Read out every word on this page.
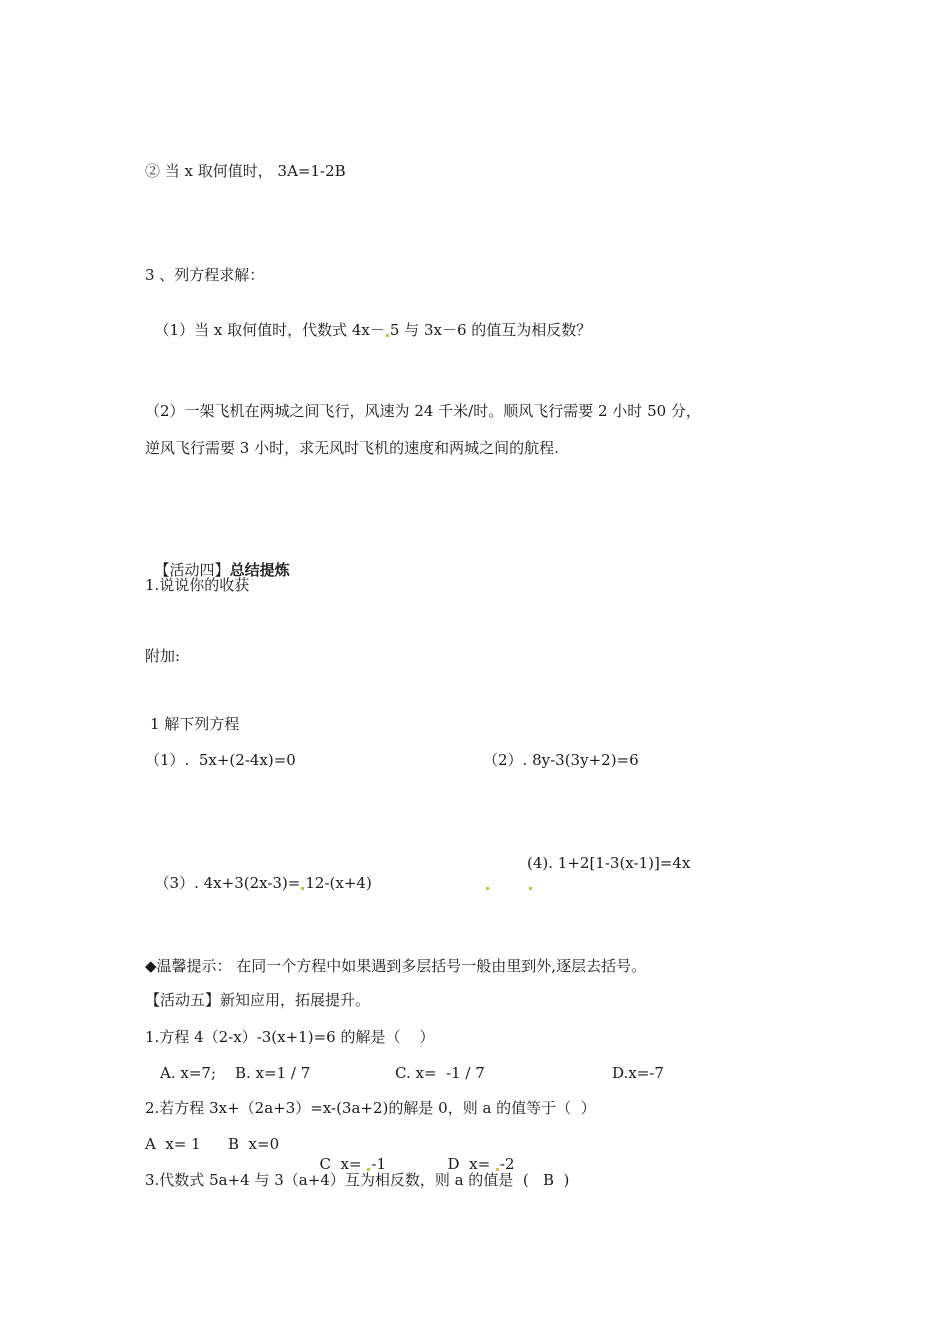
② 当 x 取何值时， 3A=1-2B
3 、列方程求解：

（1）当 x 取何值时，代数式 4x－ 5 与 3x－6 的值互为相反数？

（2）一架飞机在两城之间飞行，风速为 24 千米/时。顺风飞行需要 2 小时 50 分，
逆风飞行需要 3 小时，求无风时飞机的速度和两城之间的航程.

【活动四】总结提炼

1.说说你的收获
附加:
1 解下列方程
（1）.  5x+(2-4x)=0	（2）. 8y-3(3y+2)=6

（3）. 4x+3(2x-3)= 12-(x+4)

(4). 1+2[1-3(x-1)]=4x
◆温馨提示： 在同一个方程中如果遇到多层括号一般由里到外,逐层去括号。
【活动五】新知应用，拓展提升。
1.方程 4（2-x）-3(x+1)=6 的解是（    ）
A. x=7; B. x=1 / 7	C. x=  -1 / 7	D.x=-7
2.若方程 3x+（2a+3）=x-(3a+2)的解是 0，则 a 的值等于（  ）
A  x= 1 B  x=0

C  x= -1	D  x= -2

3.代数式 5a+4 与 3（a+4）互为相反数，则 a 的值是  (   B  )
